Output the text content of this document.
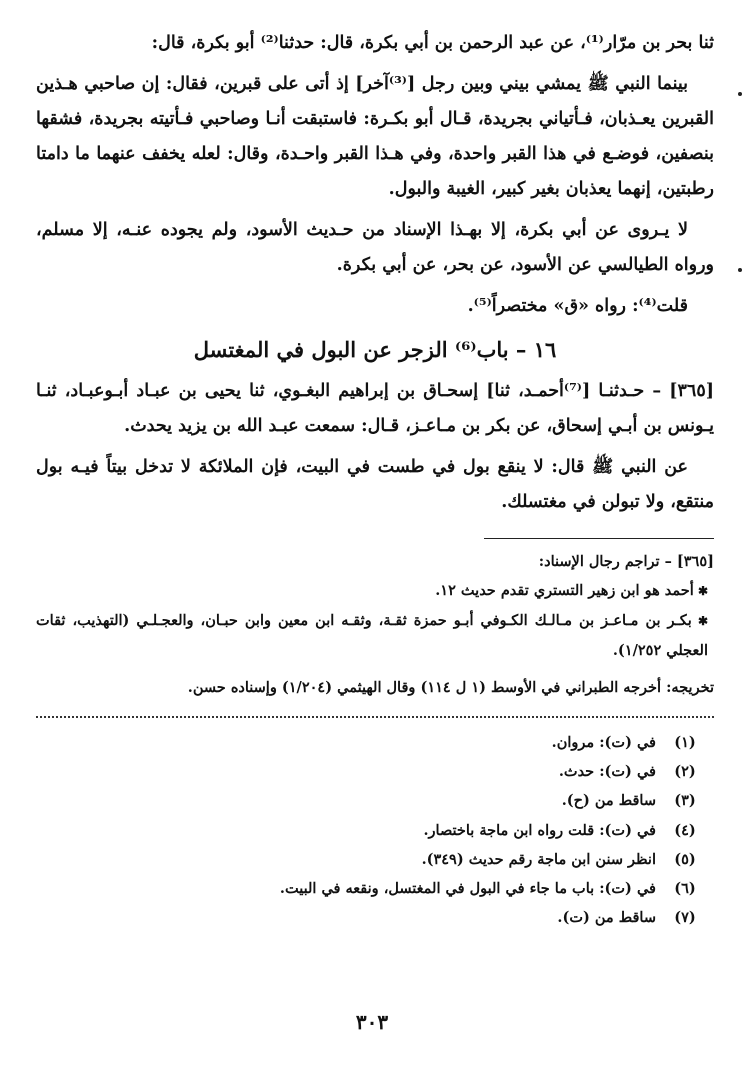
ثنا بحر بن مرّار⁽¹⁾، عن عبد الرحمن بن أبي بكرة، قال: حدثنا⁽²⁾ أبو بكرة، قال:

بينما النبي ﷺ يمشي بيني وبين رجل [⁽³⁾آخر] إذ أتى على قبرين، فقال: إن صاحبي هـذين القبرين يعـذبان، فـأتياني بجريدة، قـال أبو بكـرة: فاستبقت أنـا وصاحبي فـأتيته بجريدة، فشقها بنصفين، فوضـع في هذا القبر واحدة، وفي هـذا القبر واحـدة، وقال: لعله يخفف عنهما ما دامتا رطبتين، إنهما يعذبان بغير كبير، الغيبة والبول.

لا يـروى عن أبي بكرة، إلا بهـذا الإسناد من حـديث الأسود، ولم يجوده عنـه، إلا مسلم، ورواه الطيالسي عن الأسود، عن بحر، عن أبي بكرة.

قلت⁽⁴⁾: رواه «ق» مختصراً⁽⁵⁾.

١٦ – باب⁽⁶⁾ الزجر عن البول في المغتسل

[٣٦٥] – حـدثنـا [⁽⁷⁾أحمـد، ثنا] إسحـاق بن إبراهيم البغـوي، ثنا يحيى بن عبـاد أبـوعبـاد، ثنـا يـونس بن أبـي إسحاق، عن بكر بن مـاعـز، قـال: سمعت عبـد الله بن يزيد يحدث.

عن النبي ﷺ قال: لا ينقع بول في طست في البيت، فإن الملائكة لا تدخل بيتاً فيـه بول منتقع، ولا تبولن في مغتسلك.

[٣٦٥] – تراجم رجال الإسناد:
✱ أحمد هو ابن زهير التستري تقدم حديث ١٢.
✱ بكـر بن مـاعـز بن مـالـك الكـوفي أبـو حمزة ثقـة، وثقـه ابن معين وابن حبـان، والعجـلـي (التهذيب، ثقات العجلي ١/٢٥٢).
تخريجه: أخرجه الطبراني في الأوسط (١ ل ١١٤) وقال الهيثمي (١/٢٠٤) وإسناده حسن.
(١)
في (ت): مروان.
(٢)
في (ت): حدث.
(٣)
ساقط من (ح).
(٤)
في (ت): قلت رواه ابن ماجة باختصار.
(٥)
انظر سنن ابن ماجة رقم حديث (٣٤٩).
(٦)
في (ت): باب ما جاء في البول في المغتسل، ونقعه في البيت.
(٧)
ساقط من (ت).
٣٠٣
